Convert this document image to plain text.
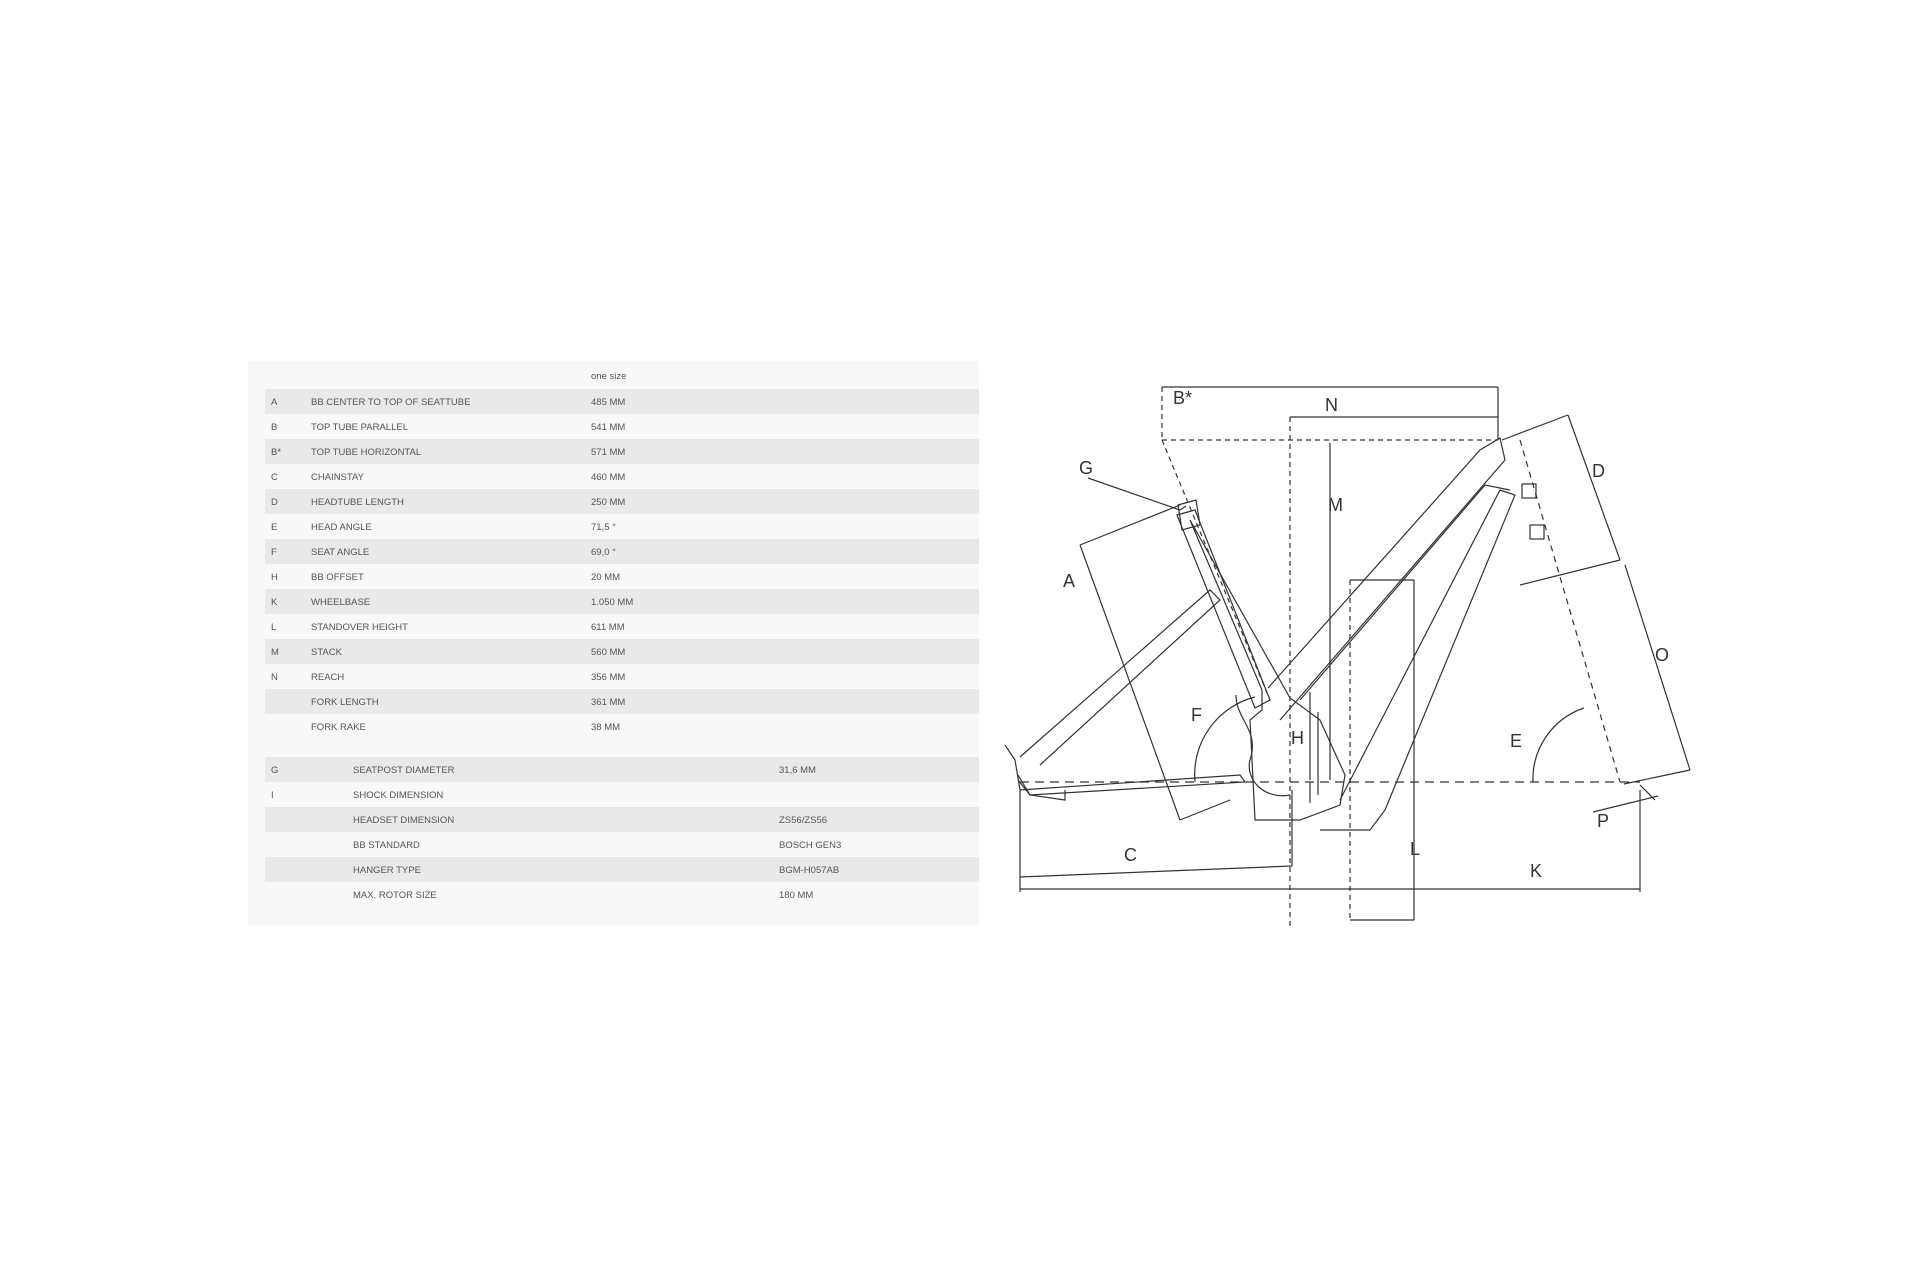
one size
A	BB CENTER TO TOP OF SEATTUBE	485 MM
B	TOP TUBE PARALLEL	541 MM
B*	TOP TUBE HORIZONTAL	571 MM
C	CHAINSTAY	460 MM
D	HEADTUBE LENGTH	250 MM
E	HEAD ANGLE	71,5 °
F	SEAT ANGLE	69,0 °
H	BB OFFSET	20 MM
K	WHEELBASE	1.050 MM
L	STANDOVER HEIGHT	611 MM
M	STACK	560 MM
N	REACH	356 MM
FORK LENGTH	361 MM
FORK RAKE	38 MM
G	SEATPOST DIAMETER	31,6 MM
I	SHOCK DIMENSION
HEADSET DIMENSION	ZS56/ZS56
BB STANDARD	BOSCH GEN3
HANGER TYPE	BGM-H057AB
MAX. ROTOR SIZE	180 MM
B*	N
G	D
M
A
O
F
H	E
P
C	L
K
